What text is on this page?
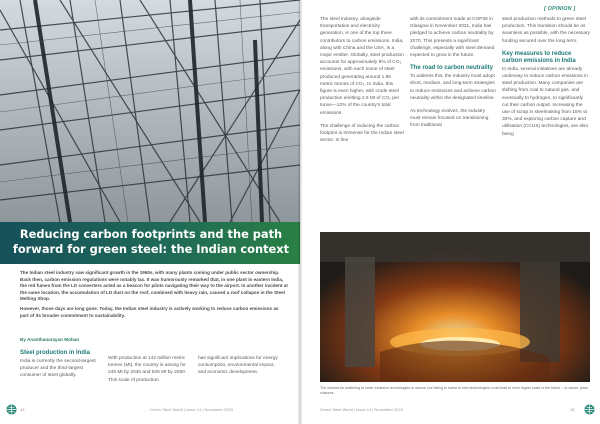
Reducing carbon footprints and the path forward for green steel: the Indian context

The Indian steel industry saw significant growth in the 1960s, with many plants coming under public sector ownership. Back then, carbon emission regulations were notably lax. It was humorously remarked that, in one plant in eastern India, the red fumes from the LD converters acted as a beacon for pilots navigating their way to the airport. In another incident at the same location, the accumulation of LD dust on the roof, combined with heavy rain, caused a roof collapse in the Steel Melting Shop.

However, those days are long gone. Today, the Indian steel industry is actively working to reduce carbon emissions as part of its broader commitment to sustainability.

By Ananthanarayan Mohan
Steel production in India

India is currently the second-largest producer and the third-largest consumer of steel globally.

With production at 142 million metric tonnes (Mt), the country is aiming for 245 Mt by 2030 and 535 Mt by 2050. This scale of production

has significant implications for energy consumption, environmental impact, and economic development.

12	Green Steel World | Issue 14 | November 2024
[ OPINION ]

The steel industry, alongside transportation and electricity generation, is one of the top three contributors to carbon emissions. India, along with China and the USA, is a major emitter. Globally, steel production accounts for approximately 8% of CO₂ emissions, with each tonne of steel produced generating around 1.85 metric tonnes of CO₂. In India, this figure is even higher, with crude steel production emitting 2.5 Mt of CO₂ per tonne—12% of the country's total emissions.

The challenge of reducing the carbon footprint is immense for the Indian steel sector. In line

with its commitment made at COP26 in Glasgow in November 2021, India has pledged to achieve carbon neutrality by 2070. This presents a significant challenge, especially with steel demand expected to grow in the future.

The road to carbon neutrality

To address this, the industry must adopt short, medium, and long-term strategies to reduce emissions and achieve carbon neutrality within the designated timeline.

As technology evolves, the industry must remain focused on transitioning from traditional

steel production methods to green steel production. This transition should be as seamless as possible, with the necessary funding secured over the long term.

Key measures to reduce carbon emissions in India

In India, several initiatives are already underway to reduce carbon emissions in steel production. Many companies are shifting from coal to natural gas, and eventually to hydrogen, to significantly cut their carbon output. Increasing the use of scrap in steelmaking from 15% to 30%, and exploring carbon capture and utilisation (CCUS) technologies, are also being

The window for switching to lower emission technologies is narrow, but failing to invest in new technologies could lead to even higher costs in the future – or worse, plant closures.
Green Steel World | Issue 14 | November 2024	13
